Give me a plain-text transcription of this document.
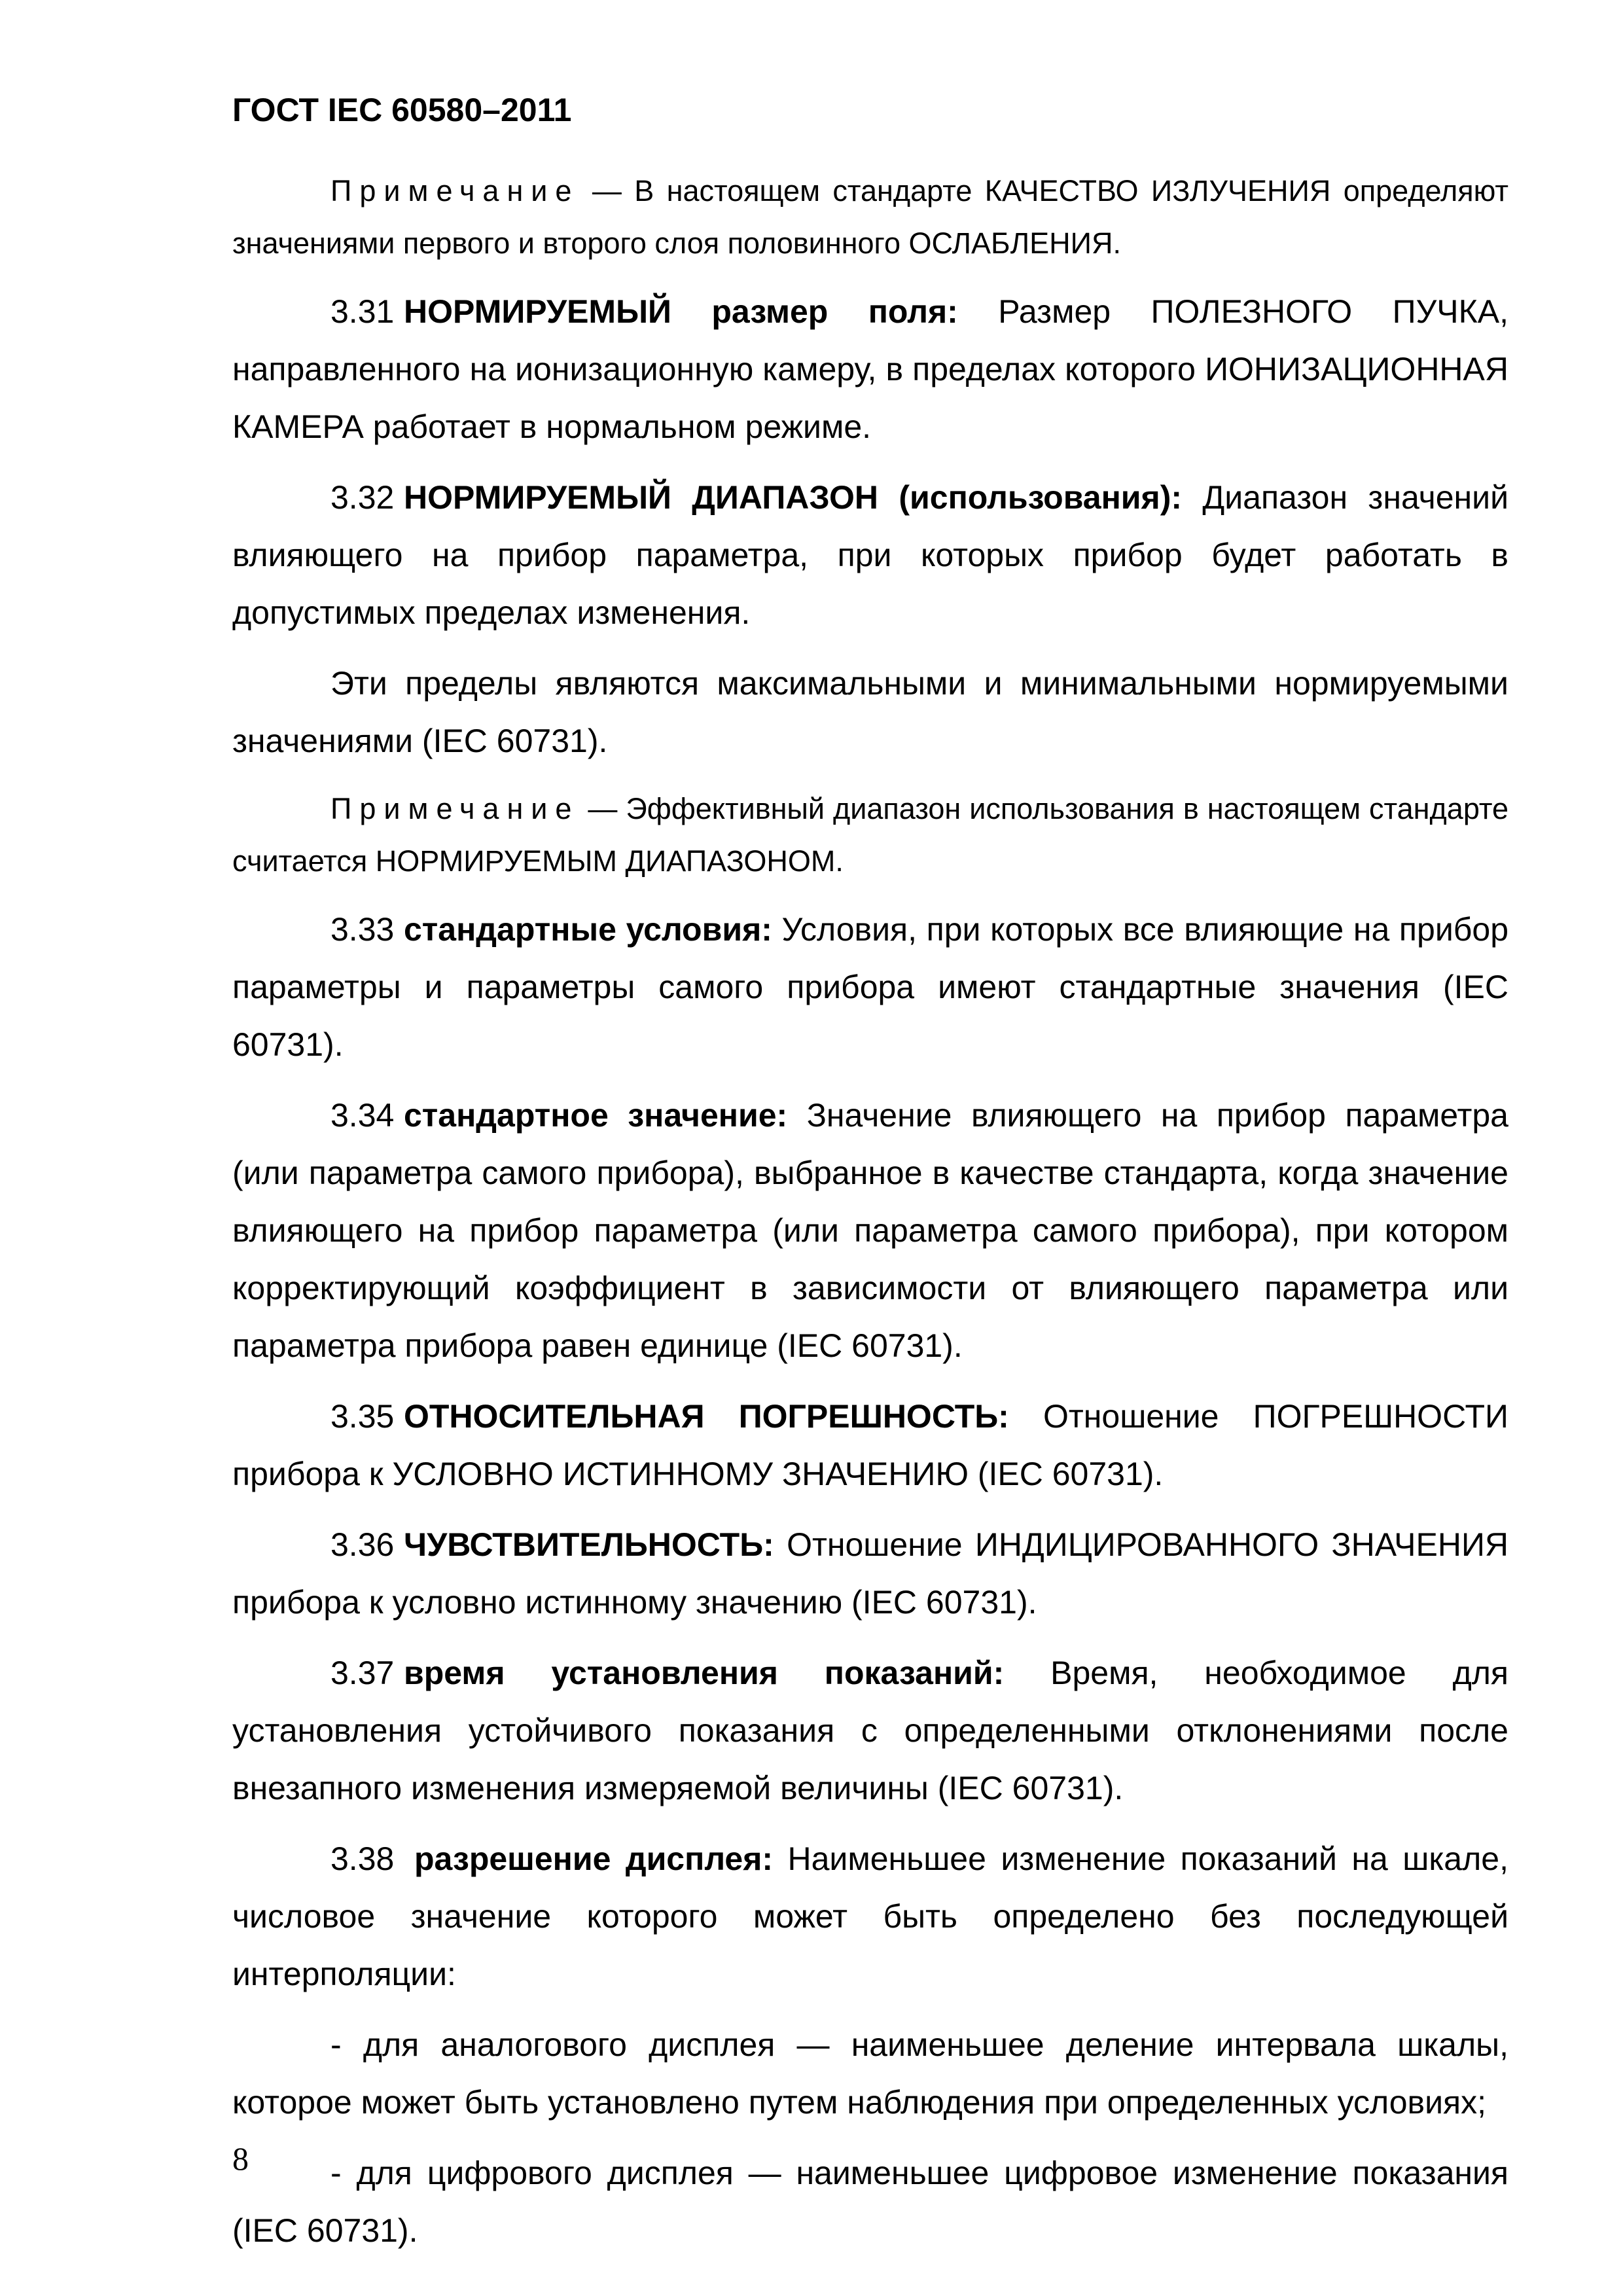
ГОСТ IEC 60580–2011

Примечание — В настоящем стандарте КАЧЕСТВО ИЗЛУЧЕНИЯ определяют значениями первого и второго слоя половинного ОСЛАБЛЕНИЯ.

3.31 НОРМИРУЕМЫЙ размер поля: Размер ПОЛЕЗНОГО ПУЧКА, направленного на ионизационную камеру, в пределах которого ИОНИЗАЦИОННАЯ КАМЕРА работает в нормальном режиме.

3.32 НОРМИРУЕМЫЙ ДИАПАЗОН (использования): Диапазон значений влияющего на прибор параметра, при которых прибор будет работать в допустимых пределах изменения.

Эти пределы являются максимальными и минимальными нормируемыми значениями (IEC 60731).

Примечание — Эффективный диапазон использования в настоящем стандарте считается НОРМИРУЕМЫМ ДИАПАЗОНОМ.

3.33 стандартные условия: Условия, при которых все влияющие на прибор параметры и параметры самого прибора имеют стандартные значения (IEC 60731).

3.34 стандартное значение: Значение влияющего на прибор параметра (или параметра самого прибора), выбранное в качестве стандарта, когда значение влияющего на прибор параметра (или параметра самого прибора), при котором корректирующий коэффициент в зависимости от влияющего параметра или параметра прибора равен единице (IEC 60731).

3.35 ОТНОСИТЕЛЬНАЯ ПОГРЕШНОСТЬ: Отношение ПОГРЕШНОСТИ прибора к УСЛОВНО ИСТИННОМУ ЗНАЧЕНИЮ (IEC 60731).

3.36 ЧУВСТВИТЕЛЬНОСТЬ: Отношение ИНДИЦИРОВАННОГО ЗНАЧЕНИЯ прибора к условно истинному значению (IEC 60731).

3.37 время установления показаний: Время, необходимое для установления устойчивого показания с определенными отклонениями после внезапного изменения измеряемой величины (IEC 60731).

3.38 разрешение дисплея: Наименьшее изменение показаний на шкале, числовое значение которого может быть определено без последующей интерполяции:

- для аналогового дисплея — наименьшее деление интервала шкалы, которое может быть установлено путем наблюдения при определенных условиях;

- для цифрового дисплея — наименьшее цифровое изменение показания (IEC 60731).

8
